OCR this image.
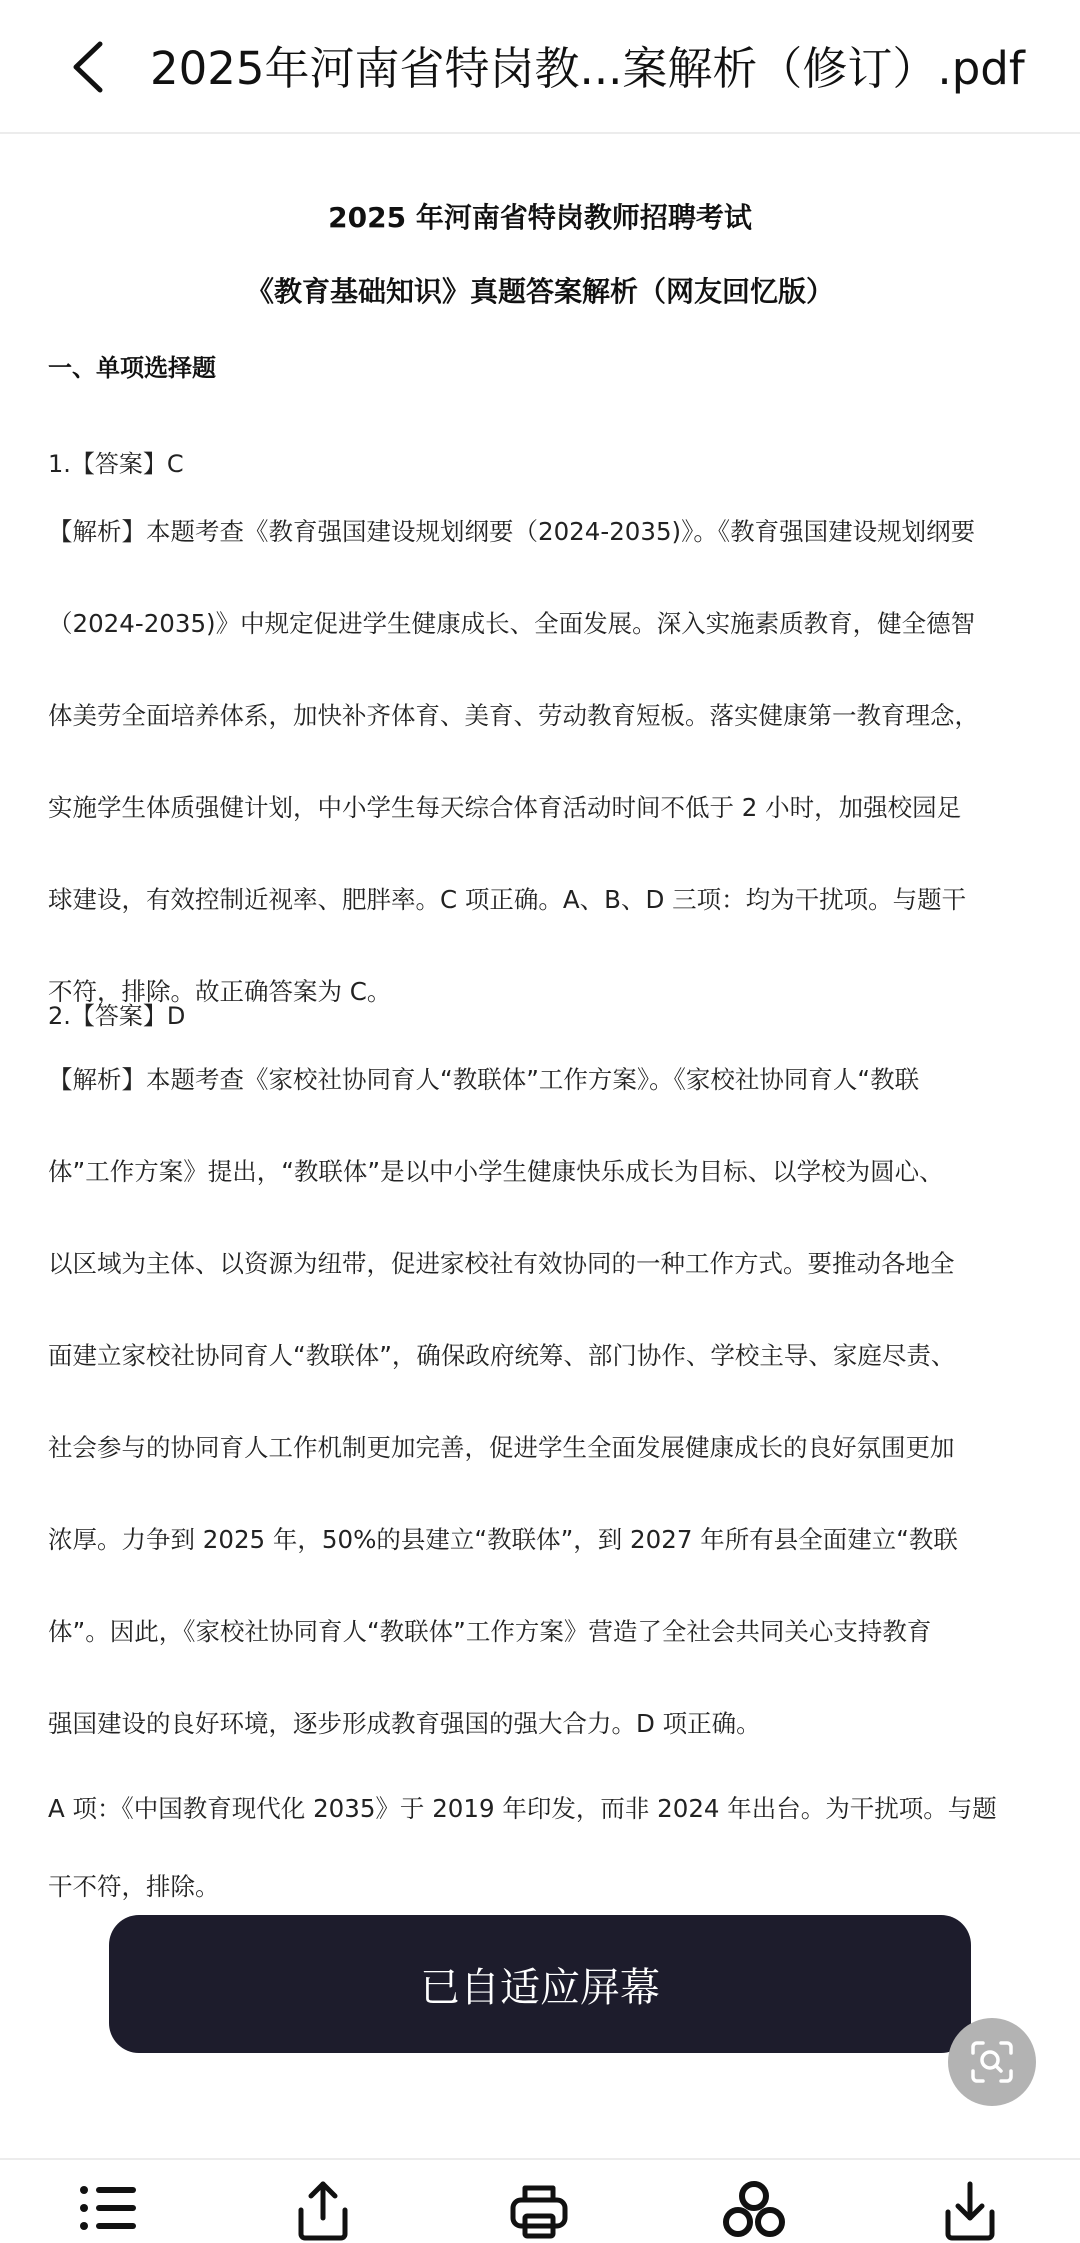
2025年河南省特岗教...案解析（修订）.pdf
2025 年河南省特岗教师招聘考试
《教育基础知识》真题答案解析（网友回忆版）
一、单项选择题
1.【答案】C
【解析】本题考查《教育强国建设规划纲要（2024-2035)》。《教育强国建设规划纲要
（2024-2035)》中规定促进学生健康成长、全面发展。深入实施素质教育，健全德智
体美劳全面培养体系，加快补齐体育、美育、劳动教育短板。落实健康第一教育理念，
实施学生体质强健计划，中小学生每天综合体育活动时间不低于 2 小时，加强校园足
球建设，有效控制近视率、肥胖率。C 项正确。A、B、D 三项：均为干扰项。与题干
不符，排除。故正确答案为 C。
2.【答案】D
【解析】本题考查《家校社协同育人“教联体”工作方案》。《家校社协同育人“教联
体”工作方案》提出，“教联体”是以中小学生健康快乐成长为目标、以学校为圆心、
以区域为主体、以资源为纽带，促进家校社有效协同的一种工作方式。要推动各地全
面建立家校社协同育人“教联体”，确保政府统筹、部门协作、学校主导、家庭尽责、
社会参与的协同育人工作机制更加完善，促进学生全面发展健康成长的良好氛围更加
浓厚。力争到 2025 年，50%的县建立“教联体”，到 2027 年所有县全面建立“教联
体”。因此，《家校社协同育人“教联体”工作方案》营造了全社会共同关心支持教育
强国建设的良好环境，逐步形成教育强国的强大合力。D 项正确。
A 项：《中国教育现代化 2035》于 2019 年印发，而非 2024 年出台。为干扰项。与题
干不符，排除。
已自适应屏幕
